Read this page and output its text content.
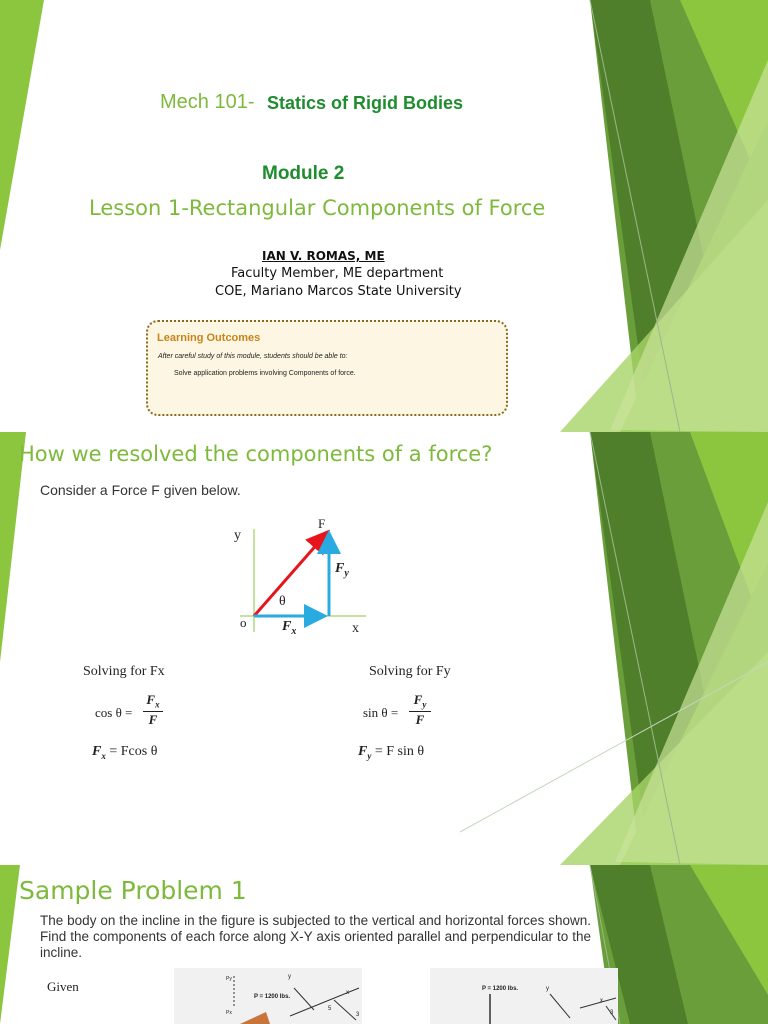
Mech 101- Statics of Rigid Bodies

Module 2

Lesson 1-Rectangular Components of Force

IAN V. ROMAS, ME

Faculty Member, ME department

COE, Mariano Marcos State University

Learning Outcomes

After careful study of this module, students should be able to:

Solve application problems involving Components of force.

How we resolved the components of a force?

Consider a Force F given below.

y

F

$F_y$

θ

o	$F_x$	x

Solving for Fx

cos θ =

$F_x$
F

$F_x = Fcos$ θ

Solving for Fy

sin θ =

$F_y$
F

$F_y = F$ sin θ

Sample Problem 1

The body on the incline in the figure is subjected to the vertical and horizontal forces shown. Find the components of each force along X-Y axis oriented parallel and perpendicular to the incline.

Given	Py
P = 1200 lbs.
Px
y
x
5
3
P = 1200 lbs.	y
x
3
